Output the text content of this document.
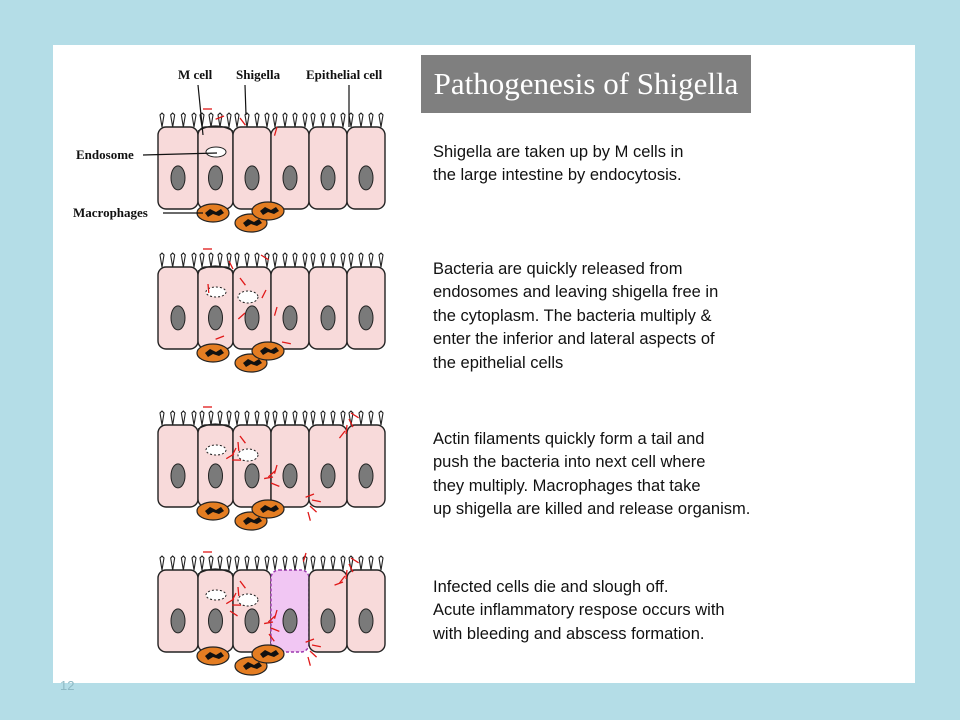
M cell Shigella Epithelial cell
Endosome
Macrophages
Pathogenesis of Shigella

Shigella are taken up by M cells in
the large intestine by endocytosis.

Bacteria are quickly released from
endosomes and leaving shigella free in
the cytoplasm. The bacteria multiply &
enter the inferior and lateral aspects of
the epithelial cells

Actin filaments quickly form a tail and
push the bacteria into next cell where
they multiply. Macrophages that take
up shigella are killed and release organism.

Infected cells die and slough off.
Acute inflammatory respose occurs with
with bleeding and abscess formation.

12
